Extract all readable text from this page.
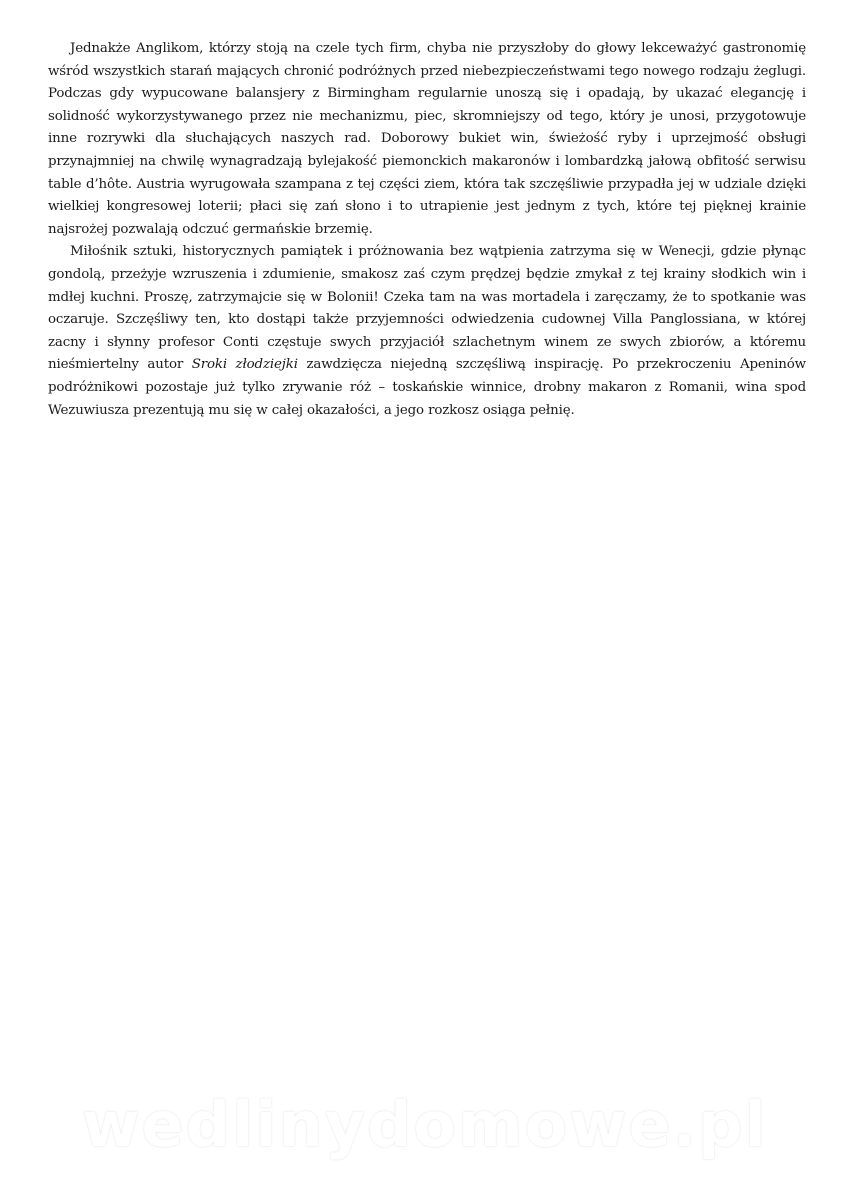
Jednakże Anglikom, którzy stoją na czele tych firm, chyba nie przyszłoby do głowy lekceważyć gastronomię wśród wszystkich starań mających chronić podróżnych przed niebezpieczeństwami tego nowego rodzaju żeglugi. Podczas gdy wypucowane balansjery z Birmingham regularnie unoszą się i opadają, by ukazać elegancję i solidność wykorzystywanego przez nie mechanizmu, piec, skromniejszy od tego, który je unosi, przygotowuje inne rozrywki dla słuchających naszych rad. Doborowy bukiet win, świeżość ryby i uprzejmość obsługi przynajmniej na chwilę wynagradzają bylejakość piemonckich makaronów i lombardzką jałową obfitość serwisu table d’hôte. Austria wyrugowała szampana z tej części ziem, która tak szczęśliwie przypadła jej w udziale dzięki wielkiej kongresowej loterii; płaci się zań słono i to utrapienie jest jednym z tych, które tej pięknej krainie najsrożej pozwalają odczuć germańskie brzemię.

Miłośnik sztuki, historycznych pamiątek i próżnowania bez wątpienia zatrzyma się w Wenecji, gdzie płynąc gondolą, przeżyje wzruszenia i zdumienie, smakosz zaś czym prędzej będzie zmykał z tej krainy słodkich win i mdłej kuchni. Proszę, zatrzymajcie się w Bolonii! Czeka tam na was mortadela i zaręczamy, że to spotkanie was oczaruje. Szczęśliwy ten, kto dostąpi także przyjemności odwiedzenia cudownej Villa Panglossiana, w której zacny i słynny profesor Conti częstuje swych przyjaciół szlachetnym winem ze swych zbiorów, a któremu nieśmiertelny autor Sroki złodziejki zawdzięcza niejedną szczęśliwą inspirację. Po przekroczeniu Apeninów podróżnikowi pozostaje już tylko zrywanie róż – toskańskie winnice, drobny makaron z Romanii, wina spod Wezuwiusza prezentują mu się w całej okazałości, a jego rozkosz osiąga pełnię.

wedlinydomowe.pl
